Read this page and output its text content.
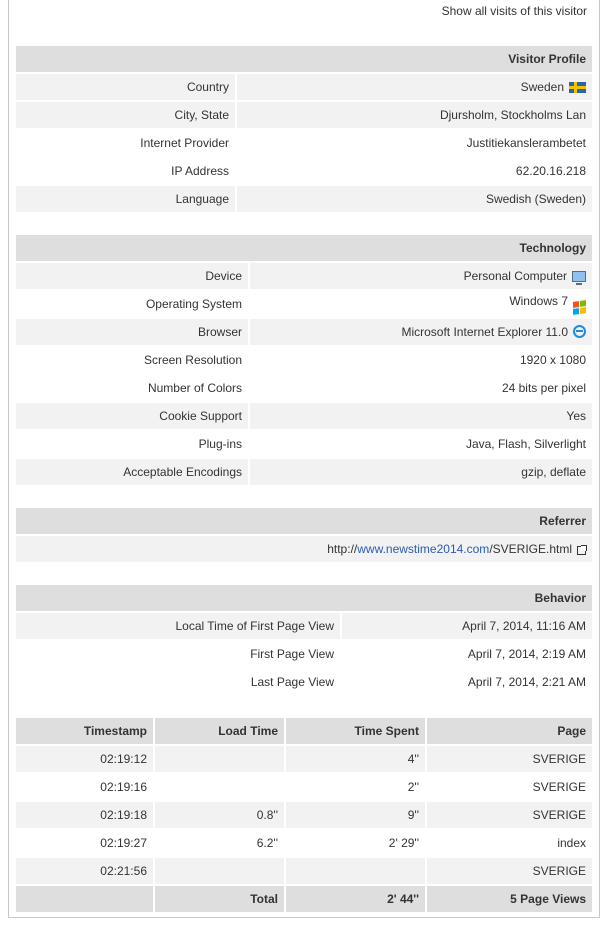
Show all visits of this visitor
Visitor Profile	
Country	Sweden
City, State	Djursholm, Stockholms Lan
Internet Provider	Justitiekanslerambetet
IP Address	62.20.16.218
Language	Swedish (Sweden)
Technology	
Device	Personal Computer
Operating System	Windows 7

Browser	Microsoft Internet Explorer 11.0
Screen Resolution	1920 x 1080
Number of Colors	24 bits per pixel
Cookie Support	Yes
Plug-ins	Java, Flash, Silverlight
Acceptable Encodings	gzip, deflate
Referrer
http://www.newstime2014.com/SVERIGE.html
Behavior	
Local Time of First Page View	April 7, 2014, 11:16 AM
First Page View	April 7, 2014, 2:19 AM
Last Page View	April 7, 2014, 2:21 AM
Timestamp	Load Time	Time Spent	Page
02:19:12		4''	SVERIGE
02:19:16		2''	SVERIGE
02:19:18	0.8''	9''	SVERIGE
02:19:27	6.2''	2' 29''	index
02:21:56			SVERIGE
	Total	2' 44''	5 Page Views
